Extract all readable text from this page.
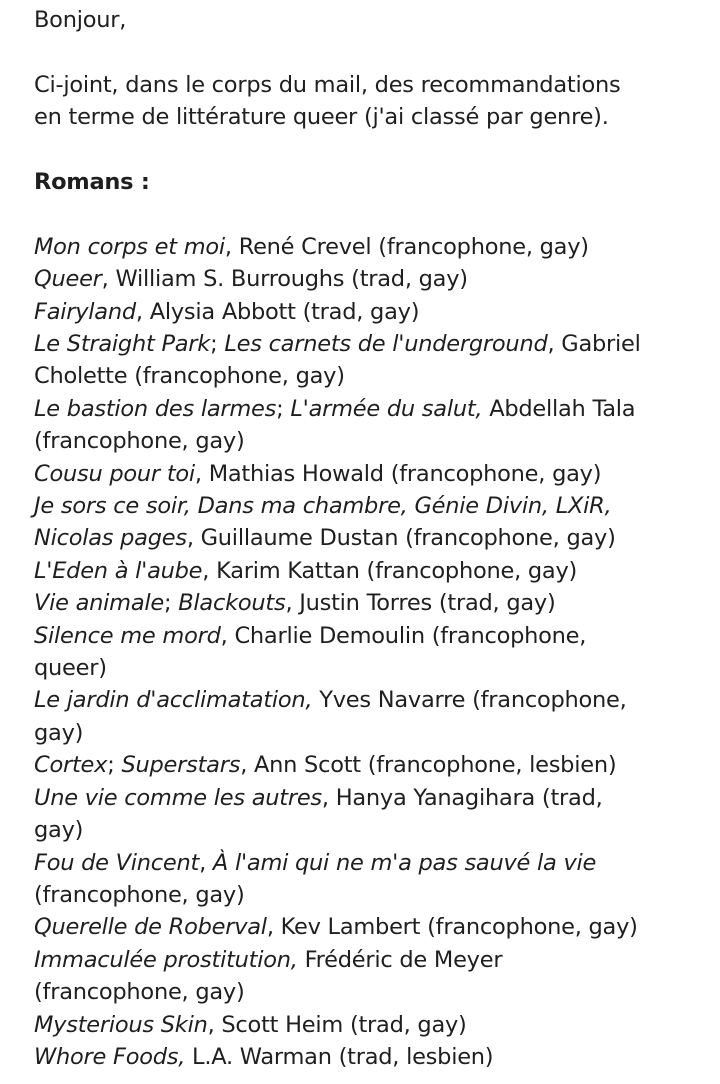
Bonjour,

Ci-joint, dans le corps du mail, des recommandations
en terme de littérature queer (j'ai classé par genre).

Romans :

Mon corps et moi, René Crevel (francophone, gay)
Queer, William S. Burroughs (trad, gay)
Fairyland, Alysia Abbott (trad, gay)
Le Straight Park; Les carnets de l'underground, Gabriel
Cholette (francophone, gay)
Le bastion des larmes; L'armée du salut, Abdellah Tala
(francophone, gay)
Cousu pour toi, Mathias Howald (francophone, gay)
Je sors ce soir, Dans ma chambre, Génie Divin, LXiR,
Nicolas pages, Guillaume Dustan (francophone, gay)
L'Eden à l'aube, Karim Kattan (francophone, gay)
Vie animale; Blackouts, Justin Torres (trad, gay)
Silence me mord, Charlie Demoulin (francophone,
queer)
Le jardin d'acclimatation, Yves Navarre (francophone,
gay)
Cortex; Superstars, Ann Scott (francophone, lesbien)
Une vie comme les autres, Hanya Yanagihara (trad,
gay)
Fou de Vincent, À l'ami qui ne m'a pas sauvé la vie
(francophone, gay)
Querelle de Roberval, Kev Lambert (francophone, gay)
Immaculée prostitution, Frédéric de Meyer
(francophone, gay)
Mysterious Skin, Scott Heim (trad, gay)
Whore Foods, L.A. Warman (trad, lesbien)
